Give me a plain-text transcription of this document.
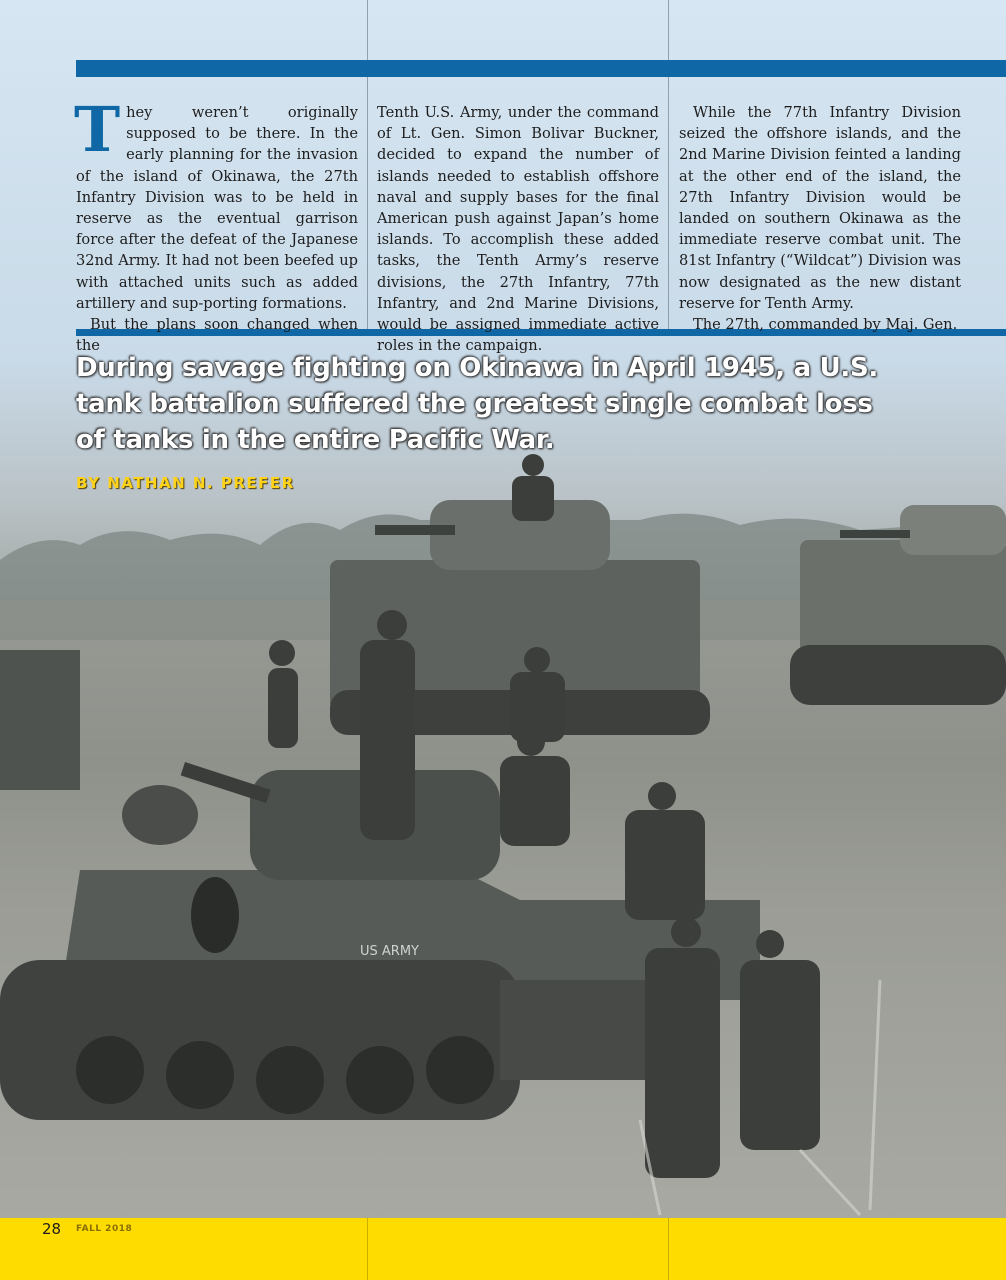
US ARMY

They weren’t originally supposed to be there. In the early planning for the invasion of the island of Okinawa, the 27th Infantry Division was to be held in reserve as the eventual garrison force after the defeat of the Japanese 32nd Army. It had not been beefed up with attached units such as added artillery and sup-porting formations.

But the plans soon changed when the

Tenth U.S. Army, under the command of Lt. Gen. Simon Bolivar Buckner, decided to expand the number of islands needed to establish offshore naval and supply bases for the final American push against Japan’s home islands. To accomplish these added tasks, the Tenth Army’s reserve divisions, the 27th Infantry, 77th Infantry, and 2nd Marine Divisions, would be assigned immediate active roles in the campaign.

While the 77th Infantry Division seized the offshore islands, and the 2nd Marine Division feinted a landing at the other end of the island, the 27th Infantry Division would be landed on southern Okinawa as the immediate reserve combat unit. The 81st Infantry (“Wildcat”) Division was now designated as the new distant reserve for Tenth Army.

The 27th, commanded by Maj. Gen.

During savage fighting on Okinawa in April 1945, a U.S. tank battalion suffered the greatest single combat loss of tanks in the entire Pacific War.
BY NATHAN N. PREFER
28 FALL 2018
